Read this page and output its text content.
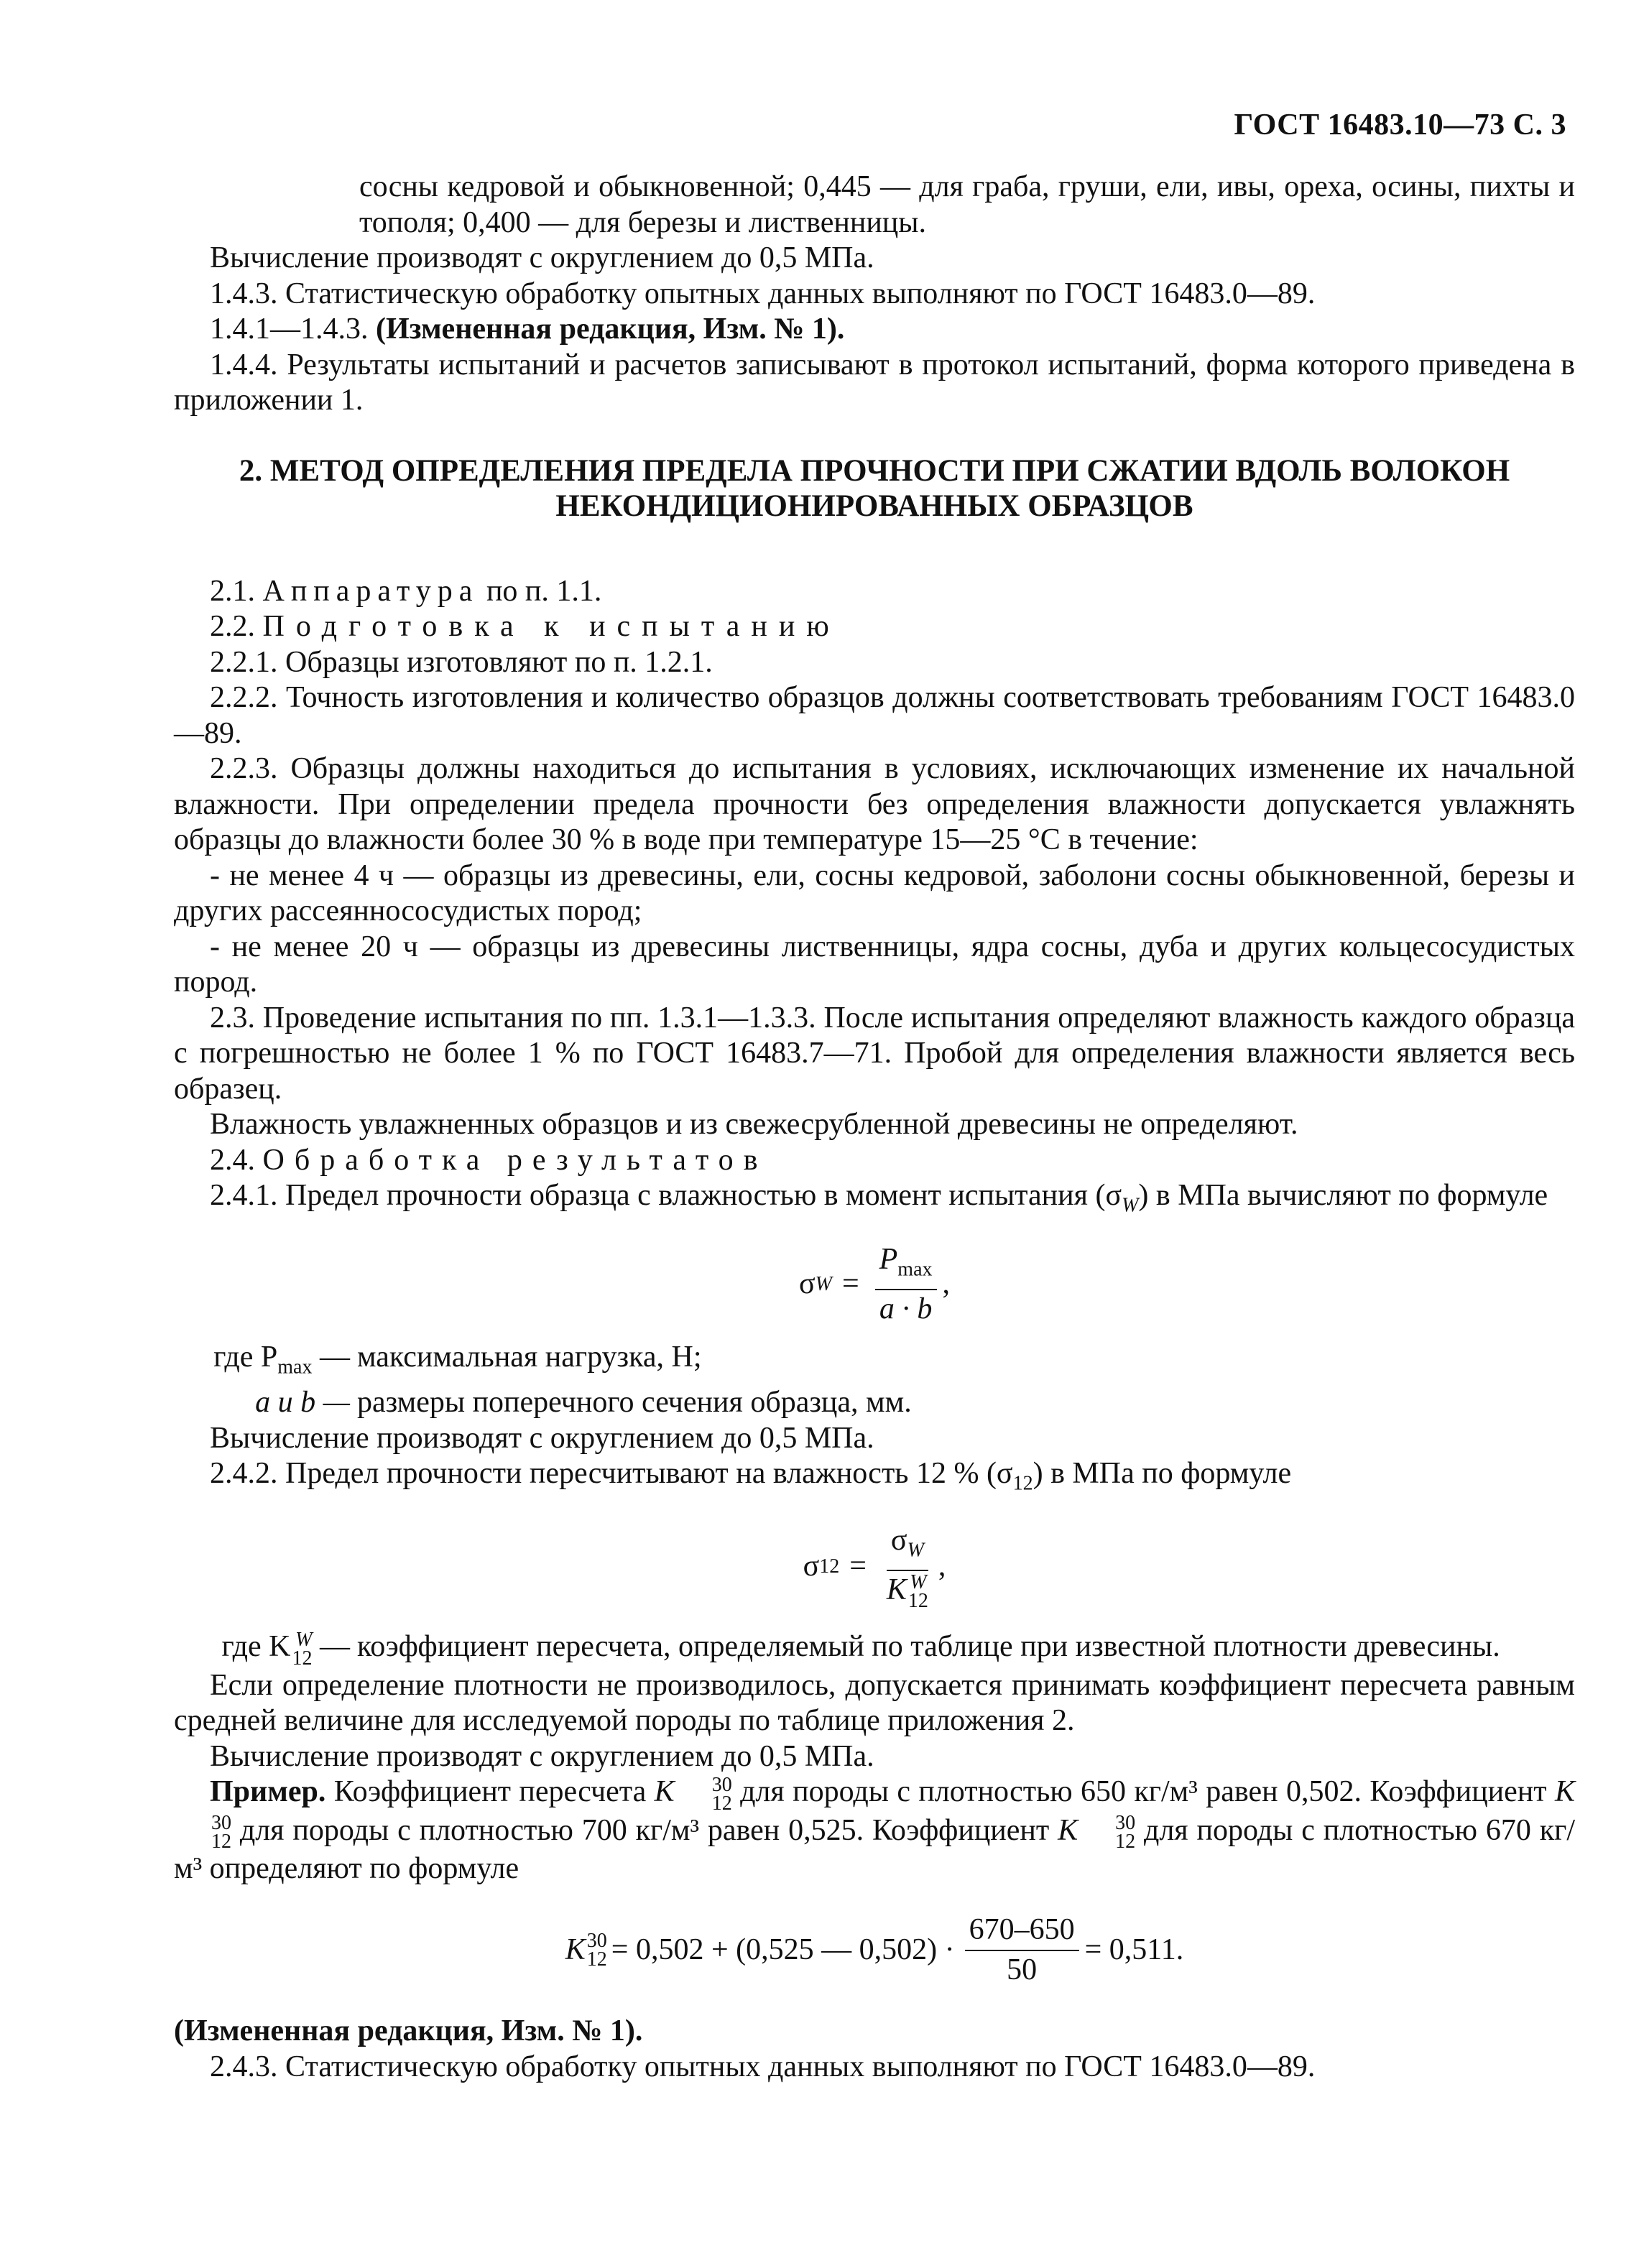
ГОСТ 16483.10—73 С. 3

сосны кедровой и обыкновенной; 0,445 — для граба, груши, ели, ивы, ореха, осины, пихты и тополя; 0,400 — для березы и лиственницы.

Вычисление производят с округлением до 0,5 МПа.

1.4.3. Статистическую обработку опытных данных выполняют по ГОСТ 16483.0—89.

1.4.1—1.4.3. (Измененная редакция, Изм. № 1).

1.4.4. Результаты испытаний и расчетов записывают в протокол испытаний, форма которого приведена в приложении 1.

2. МЕТОД ОПРЕДЕЛЕНИЯ ПРЕДЕЛА ПРОЧНОСТИ ПРИ СЖАТИИ ВДОЛЬ ВОЛОКОН
НЕКОНДИЦИОНИРОВАННЫХ ОБРАЗЦОВ

2.1. Аппаратура по п. 1.1.

2.2. Подготовка к испытанию

2.2.1. Образцы изготовляют по п. 1.2.1.

2.2.2. Точность изготовления и количество образцов должны соответствовать требованиям ГОСТ 16483.0—89.

2.2.3. Образцы должны находиться до испытания в условиях, исключающих изменение их начальной влажности. При определении предела прочности без определения влажности допускается увлажнять образцы до влажности более 30 % в воде при температуре 15—25 °С в течение:

- не менее 4 ч — образцы из древесины, ели, сосны кедровой, заболони сосны обыкновенной, березы и других рассеяннососудистых пород;

- не менее 20 ч — образцы из древесины лиственницы, ядра сосны, дуба и других кольцесосудистых пород.

2.3. Проведение испытания по пп. 1.3.1—1.3.3. После испытания определяют влажность каждого образца с погрешностью не более 1 % по ГОСТ 16483.7—71. Пробой для определения влажности является весь образец.

Влажность увлажненных образцов и из свежесрубленной древесины не определяют.

2.4. Обработка результатов

2.4.1. Предел прочности образца с влажностью в момент испытания $(\sigma_W)$ в МПа вычисляют по формуле

σ $W = \frac{P_{max}}{a \cdot b}$ ,

где $P_{max}$ — максимальная нагрузка, Н;
a и b — размеры поперечного сечения образца, мм.

Вычисление производят с округлением до 0,5 МПа.

2.4.2. Предел прочности пересчитывают на влажность 12 % $(\sigma_{12})$ в МПа по формуле

σ $12 = \sigma_W$
K W
12 ,

где K W
12 — коэффициент пересчета, определяемый по таблице при известной плотности древесины.

Если определение плотности не производилось, допускается принимать коэффициент пересчета равным средней величине для исследуемой породы по таблице приложения 2.

Вычисление производят с округлением до 0,5 МПа.

Пример. Коэффициент пересчета K	30
12 для породы с плотностью 650 кг/м³ равен 0,502. Коэффициент K
30
12 для породы с плотностью 700 кг/м³ равен 0,525. Коэффициент K	30
12 для породы с плотностью 670 кг/м³ определяют по формуле

K 30
12 = 0,502 + (0,525 — $0,502) \cdot \frac{670-650}{50} = 0,511$.

(Измененная редакция, Изм. № 1).

2.4.3. Статистическую обработку опытных данных выполняют по ГОСТ 16483.0—89.
